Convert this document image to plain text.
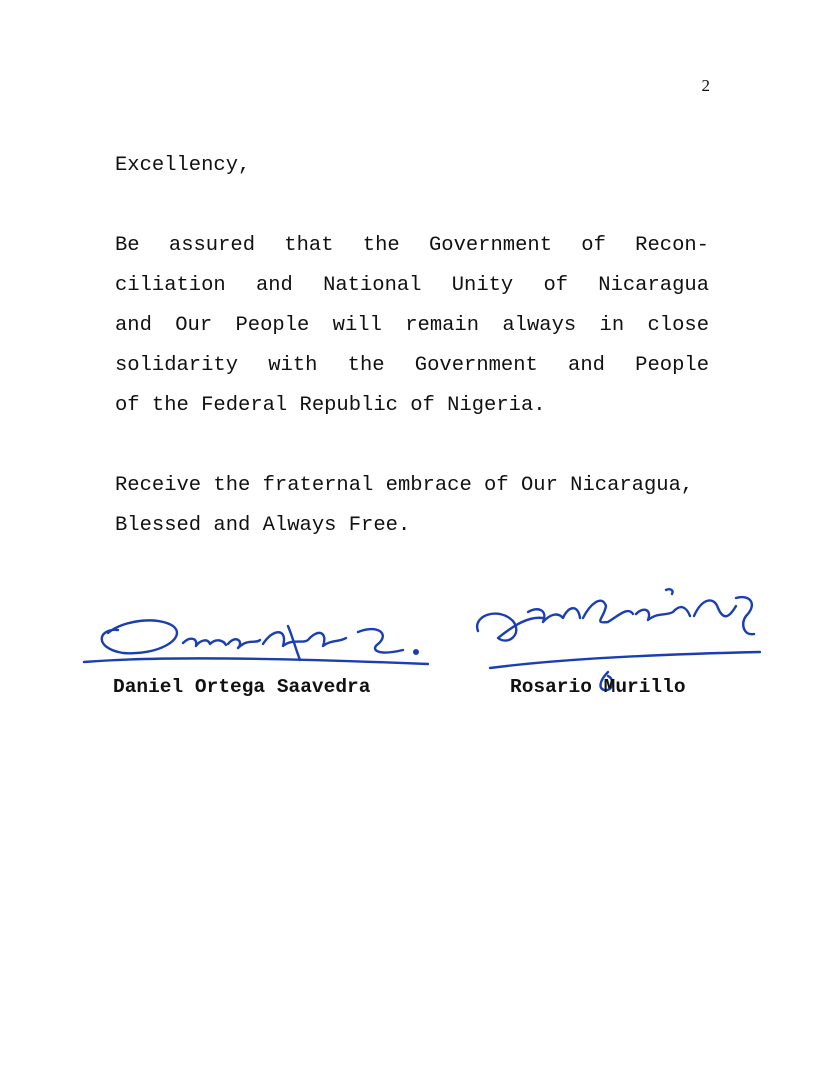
2

Excellency,

Be assured that the Government of Recon-
ciliation and National Unity of Nicaragua
and Our People will remain always in close
solidarity with the Government and People
of the Federal Republic of Nigeria.
Receive the fraternal embrace of Our Nicaragua,
Blessed and Always Free.
Daniel Ortega Saavedra	Rosario Murillo
